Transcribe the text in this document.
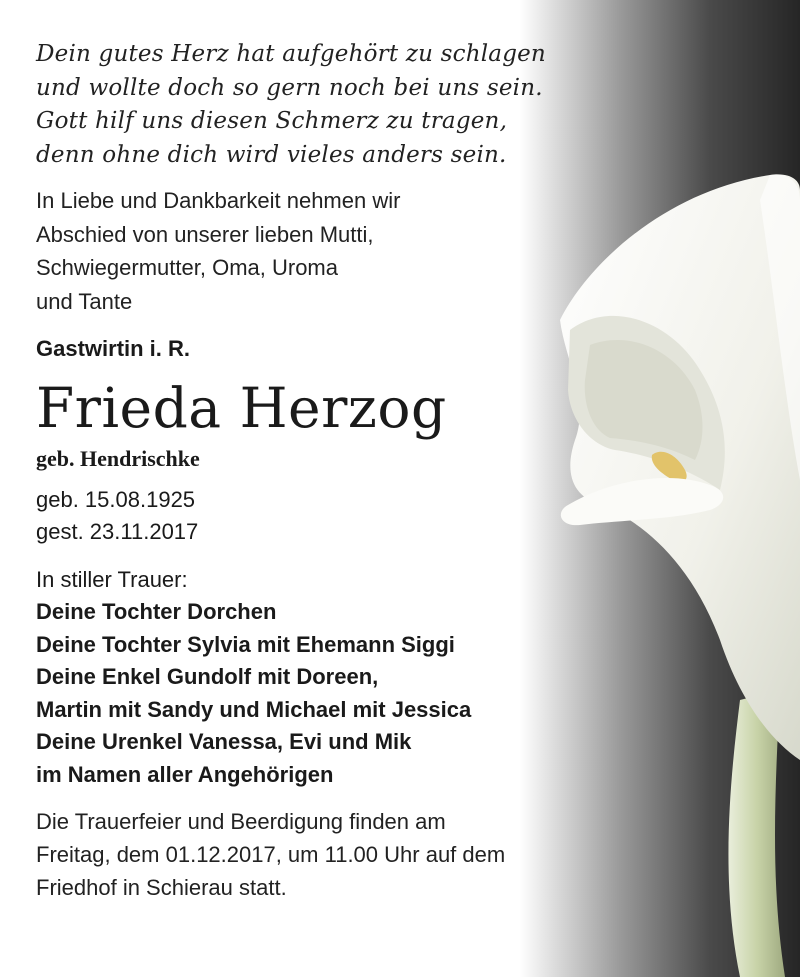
Dein gutes Herz hat aufgehört zu schlagen
und wollte doch so gern noch bei uns sein.
Gott hilf uns diesen Schmerz zu tragen,
denn ohne dich wird vieles anders sein.
In Liebe und Dankbarkeit nehmen wir
Abschied von unserer lieben Mutti,
Schwiegermutter, Oma, Uroma
und Tante
Gastwirtin i. R.
Frieda Herzog
geb. Hendrischke
geb. 15.08.1925
gest. 23.11.2017
In stiller Trauer:
Deine Tochter Dorchen
Deine Tochter Sylvia mit Ehemann Siggi
Deine Enkel Gundolf mit Doreen,
Martin mit Sandy und Michael mit Jessica
Deine Urenkel Vanessa, Evi und Mik
im Namen aller Angehörigen
Die Trauerfeier und Beerdigung finden am
Freitag, dem 01.12.2017, um 11.00 Uhr auf dem
Friedhof in Schierau statt.
